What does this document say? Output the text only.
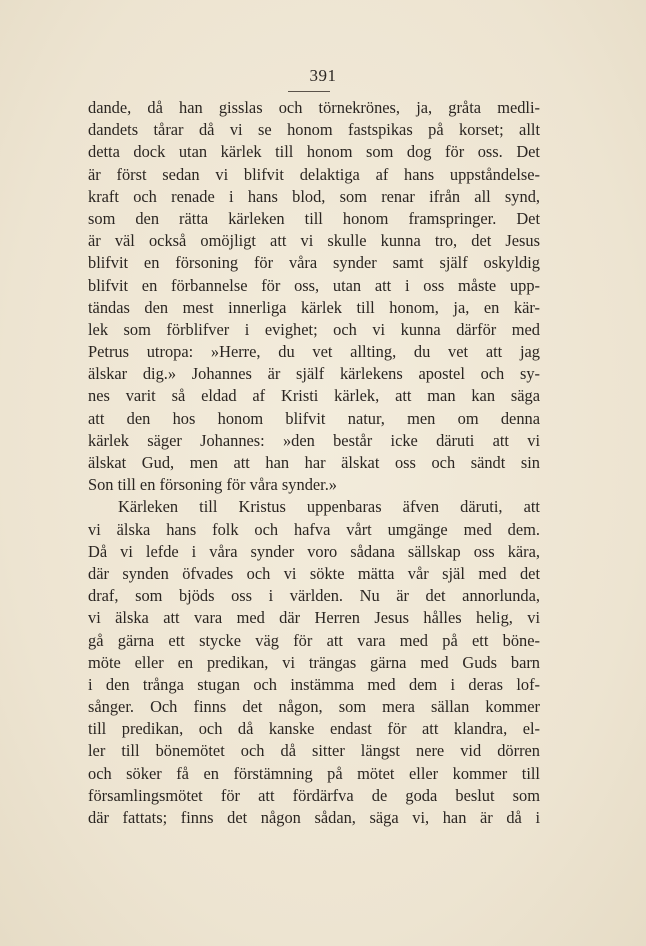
391
dande, då han gisslas och törnekrönes, ja, gråta medli-
dandets tårar då vi se honom fastspikas på korset; allt
detta dock utan kärlek till honom som dog för oss. Det
är först sedan vi blifvit delaktiga af hans uppståndelse-
kraft och renade i hans blod, som renar ifrån all synd,
som den rätta kärleken till honom framspringer. Det
är väl också omöjligt att vi skulle kunna tro, det Jesus
blifvit en försoning för våra synder samt själf oskyldig
blifvit en förbannelse för oss, utan att i oss måste upp-
tändas den mest innerliga kärlek till honom, ja, en kär-
lek som förblifver i evighet; och vi kunna därför med
Petrus utropa: »Herre, du vet allting, du vet att jag
älskar dig.» Johannes är själf kärlekens apostel och sy-
nes varit så eldad af Kristi kärlek, att man kan säga
att den hos honom blifvit natur, men om denna
kärlek säger Johannes: »den består icke däruti att vi
älskat Gud, men att han har älskat oss och sändt sin
Son till en försoning för våra synder.»
Kärleken till Kristus uppenbaras äfven däruti, att
vi älska hans folk och hafva vårt umgänge med dem.
Då vi lefde i våra synder voro sådana sällskap oss kära,
där synden öfvades och vi sökte mätta vår själ med det
draf, som bjöds oss i världen. Nu är det annorlunda,
vi älska att vara med där Herren Jesus hålles helig, vi
gå gärna ett stycke väg för att vara med på ett böne-
möte eller en predikan, vi trängas gärna med Guds barn
i den trånga stugan och instämma med dem i deras lof-
sånger. Och finns det någon, som mera sällan kommer
till predikan, och då kanske endast för att klandra, el-
ler till bönemötet och då sitter längst nere vid dörren
och söker få en förstämning på mötet eller kommer till
församlingsmötet för att fördärfva de goda beslut som
där fattats; finns det någon sådan, säga vi, han är då i
